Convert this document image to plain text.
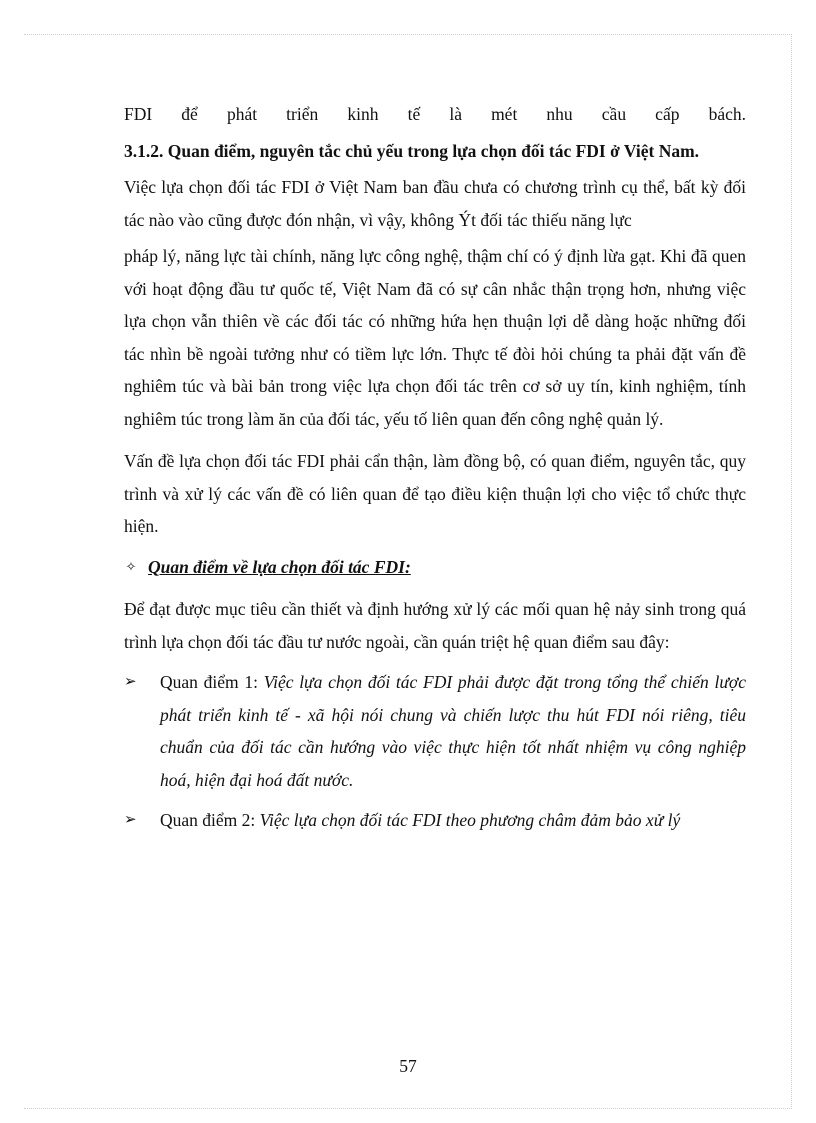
FDI để phát triển kinh tế là mét nhu cầu cấp bách.

3.1.2. Quan điểm, nguyên tắc chủ yếu trong lựa chọn đối tác FDI ở Việt Nam.

Việc lựa chọn đối tác FDI ở Việt Nam ban đầu chưa có chương trình cụ thể, bất kỳ đối tác nào vào cũng được đón nhận, vì vậy, không Ýt đối tác thiếu năng lực

pháp lý, năng lực tài chính, năng lực công nghệ, thậm chí có ý định lừa gạt. Khi đã quen với hoạt động đầu tư quốc tế, Việt Nam đã có sự cân nhắc thận trọng hơn, nhưng việc lựa chọn vẫn thiên về các đối tác có những hứa hẹn thuận lợi dễ dàng hoặc những đối tác nhìn bề ngoài tưởng như có tiềm lực lớn. Thực tế đòi hỏi chúng ta phải đặt vấn đề nghiêm túc và bài bản trong việc lựa chọn đối tác trên cơ sở uy tín, kinh nghiệm, tính nghiêm túc trong làm ăn của đối tác, yếu tố liên quan đến công nghệ quản lý.

Vấn đề lựa chọn đối tác FDI phải cẩn thận, làm đồng bộ, có quan điểm, nguyên tắc, quy trình và xử lý các vấn đề có liên quan để tạo điều kiện thuận lợi cho việc tổ chức thực hiện.

✧ Quan điểm về lựa chọn đối tác FDI:

Để đạt được mục tiêu cần thiết và định hướng xử lý các mối quan hệ nảy sinh trong quá trình lựa chọn đối tác đầu tư nước ngoài, cần quán triệt hệ quan điểm sau đây:

➢	Quan điểm 1: Việc lựa chọn đối tác FDI phải được đặt trong tổng thể chiến lược phát triển kinh tế - xã hội nói chung và chiến lược thu hút FDI nói riêng, tiêu chuẩn của đối tác cần hướng vào việc thực hiện tốt nhất nhiệm vụ công nghiệp hoá, hiện đại hoá đất nước.
➢	Quan điểm 2: Việc lựa chọn đối tác FDI theo phương châm đảm bảo xử lý
57
